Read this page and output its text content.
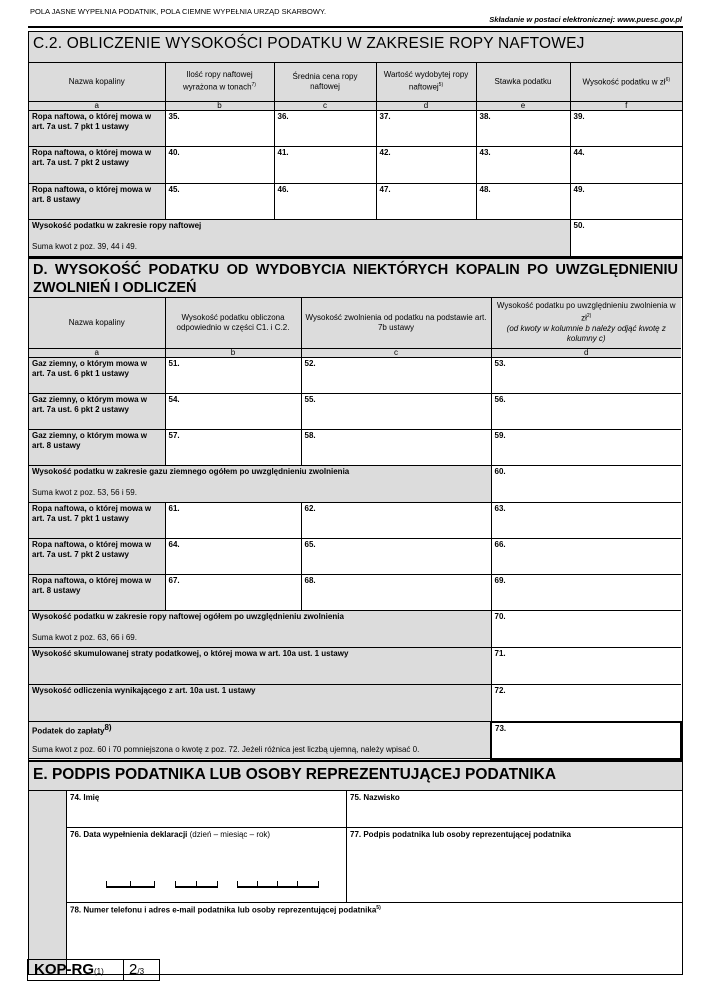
POLA JASNE WYPEŁNIA PODATNIK, POLA CIEMNE WYPEŁNIA URZĄD SKARBOWY.
Składanie w postaci elektronicznej: www.puesc.gov.pl
C.2. OBLICZENIE WYSOKOŚCI PODATKU W ZAKRESIE ROPY NAFTOWEJ
Nazwa kopaliny	Ilość ropy naftowej wyrażona w tonach$^{7)}$	Średnia cena ropy naftowej	Wartość wydobytej ropy naftowej$^{5)}$	Stawka podatku	Wysokość podatku w $zł^{6)}$
a	b	c	d	e	f
Ropa naftowa, o której mowa w art. 7a ust. 7 pkt 1 ustawy	35.	36.	37.	38.	39.
Ropa naftowa, o której mowa w art. 7a ust. 7 pkt 2 ustawy	40.	41.	42.	43.	44.
Ropa naftowa, o której mowa w art. 8 ustawy	45.	46.	47.	48.	49.
Wysokość podatku w zakresie ropy naftowej
Suma kwot z poz. 39, 44 i 49.					50.
D. WYSOKOŚĆ PODATKU OD WYDOBYCIA NIEKTÓRYCH KOPALIN PO UWZGLĘDNIENIU ZWOLNIEŃ I ODLICZEŃ
Nazwa kopaliny	Wysokość podatku obliczona odpowiednio w części C1. i C.2.	Wysokość zwolnienia od podatku na podstawie art. 7b ustawy	Wysokość podatku po uwzględnieniu zwolnienia w $zł^{2)}$
(od kwoty w kolumnie b należy odjąć kwotę z kolumny c)
a	b	c	d
Gaz ziemny, o którym mowa w art. 7a ust. 6 pkt 1 ustawy	51.	52.	53.
Gaz ziemny, o którym mowa w art. 7a ust. 6 pkt 2 ustawy	54.	55.	56.
Gaz ziemny, o którym mowa w art. 8 ustawy	57.	58.	59.
Wysokość podatku w zakresie gazu ziemnego ogółem po uwzględnieniu zwolnienia
Suma kwot z poz. 53, 56 i 59.			60.
Ropa naftowa, o której mowa w art. 7a ust. 7 pkt 1 ustawy	61.	62.	63.
Ropa naftowa, o której mowa w art. 7a ust. 7 pkt 2 ustawy	64.	65.	66.
Ropa naftowa, o której mowa w art. 8 ustawy	67.	68.	69.
Wysokość podatku w zakresie ropy naftowej ogółem po uwzględnieniu zwolnienia
Suma kwot z poz. 63, 66 i 69.			70.
Wysokość skumulowanej straty podatkowej, o której mowa w art. 10a ust. 1 ustawy			71.
Wysokość odliczenia wynikającego z art. 10a ust. 1 ustawy			72.
Podatek do zapłaty$^{8)}$
Suma kwot z poz. 60 i 70 pomniejszona o kwotę z poz. 72. Jeżeli różnica jest liczbą ujemną, należy wpisać 0.			73.
E. PODPIS PODATNIKA LUB OSOBY REPREZENTUJĄCEJ PODATNIKA
74. Imię	75. Nazwisko
76. Data wypełnienia deklaracji (dzień – miesiąc – rok)	77. Podpis podatnika lub osoby reprezentującej podatnika
78. Numer telefonu i adres e-mail podatnika lub osoby reprezentującej podatnika$^{5)}$
KOP-RG(1)	2/3
